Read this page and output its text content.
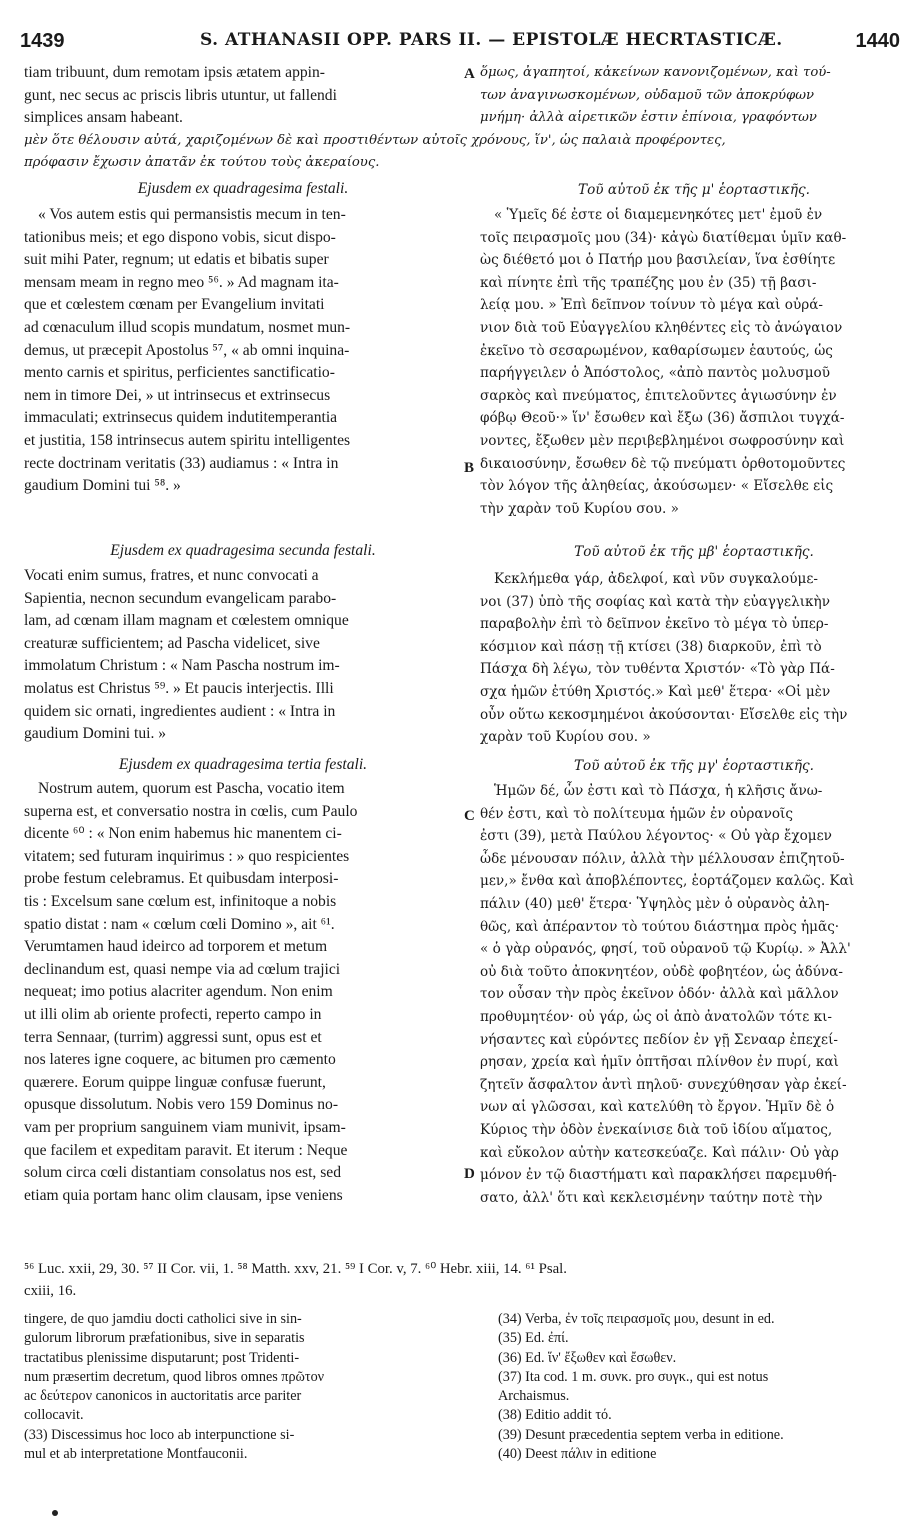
1439	S. ATHANASII OPP. PARS II. — EPISTOLÆ HECRTASTICÆ.	1440

tiam tribuunt, dum remotam ipsis ætatem appin-

gunt, nec secus ac priscis libris utuntur, ut fallendi

simplices ansam habeant.

A ὅμως, ἀγαπητοί, κἀκείνων κανονιζομένων, καὶ τού-

των ἀναγινωσκομένων, οὐδαμοῦ τῶν ἀποκρύφων

μνήμη· ἀλλὰ αἱρετικῶν ἐστιν ἐπίνοια, γραφόντων

μὲν ὅτε θέλουσιν αὐτά, χαριζομένων δὲ καὶ προστιθέντων αὐτοῖς χρόνους, ἵν', ὡς παλαιὰ προφέροντες,

πρόφασιν ἔχωσιν ἀπατᾶν ἐκ τούτου τοὺς ἀκεραίους.

Ejusdem ex quadragesima festali.	Τοῦ αὐτοῦ ἐκ τῆς μ' ἑορταστικῆς.

« Vos autem estis qui permansistis mecum in ten-

tationibus meis; et ego dispono vobis, sicut dispo-

suit mihi Pater, regnum; ut edatis et bibatis super

mensam meam in regno meo ⁵⁶. » Ad magnam ita-

que et cœlestem cœnam per Evangelium invitati

ad cœnaculum illud scopis mundatum, nosmet mun-

demus, ut præcepit Apostolus ⁵⁷, « ab omni inquina-

mento carnis et spiritus, perficientes sanctificatio-

nem in timore Dei, » ut intrinsecus et extrinsecus

immaculati; extrinsecus quidem indutitemperantia

et justitia, 158 intrinsecus autem spiritu intelligentes

recte doctrinam veritatis (33) audiamus : « Intra in

gaudium Domini tui ⁵⁸. »

B

« Ὑμεῖς δέ ἐστε οἱ διαμεμενηκότες μετ' ἐμοῦ ἐν

τοῖς πειρασμοῖς μου (34)· κἀγὼ διατίθεμαι ὑμῖν καθ-

ὼς διέθετό μοι ὁ Πατήρ μου βασιλείαν, ἵνα ἐσθίητε

καὶ πίνητε ἐπὶ τῆς τραπέζης μου ἐν (35) τῇ βασι-

λείᾳ μου. » Ἐπὶ δεῖπνον τοίνυν τὸ μέγα καὶ οὐρά-

νιον διὰ τοῦ Εὐαγγελίου κληθέντες εἰς τὸ ἀνώγαιον

ἐκεῖνο τὸ σεσαρωμένον, καθαρίσωμεν ἑαυτούς, ὡς

παρήγγειλεν ὁ Ἀπόστολος, «ἀπὸ παντὸς μολυσμοῦ

σαρκὸς καὶ πνεύματος, ἐπιτελοῦντες ἁγιωσύνην ἐν

φόβῳ Θεοῦ·» ἵν' ἔσωθεν καὶ ἔξω (36) ἄσπιλοι τυγχά-

νοντες, ἔξωθεν μὲν περιβεβλημένοι σωφροσύνην καὶ

δικαιοσύνην, ἔσωθεν δὲ τῷ πνεύματι ὀρθοτομοῦντες

τὸν λόγον τῆς ἀληθείας, ἀκούσωμεν· « Εἴσελθε εἰς

τὴν χαρὰν τοῦ Κυρίου σου. »

Ejusdem ex quadragesima secunda festali.	Τοῦ αὐτοῦ ἐκ τῆς μβ' ἑορταστικῆς.

Vocati enim sumus, fratres, et nunc convocati a

Sapientia, necnon secundum evangelicam parabo-

lam, ad cœnam illam magnam et cœlestem omnique

creaturæ sufficientem; ad Pascha videlicet, sive

immolatum Christum : « Nam Pascha nostrum im-

molatus est Christus ⁵⁹. » Et paucis interjectis. Illi

quidem sic ornati, ingredientes audient : « Intra in

gaudium Domini tui. »

Κεκλήμεθα γάρ, ἀδελφοί, καὶ νῦν συγκαλούμε-

νοι (37) ὑπὸ τῆς σοφίας καὶ κατὰ τὴν εὐαγγελικὴν

παραβολὴν ἐπὶ τὸ δεῖπνον ἐκεῖνο τὸ μέγα τὸ ὑπερ-

κόσμιον καὶ πάσῃ τῇ κτίσει (38) διαρκοῦν, ἐπὶ τὸ

Πάσχα δὴ λέγω, τὸν τυθέντα Χριστόν· «Τὸ γὰρ Πά-

σχα ἡμῶν ἐτύθη Χριστός.» Καὶ μεθ' ἕτερα· «Οἱ μὲν

οὖν οὕτω κεκοσμημένοι ἀκούσονται· Εἴσελθε εἰς τὴν

χαρὰν τοῦ Κυρίου σου. »

Ejusdem ex quadragesima tertia festali.	Τοῦ αὐτοῦ ἐκ τῆς μγ' ἑορταστικῆς.

Nostrum autem, quorum est Pascha, vocatio item

superna est, et conversatio nostra in cœlis, cum Paulo

dicente ⁶⁰ : « Non enim habemus hic manentem ci-

vitatem; sed futuram inquirimus : » quo respicientes

probe festum celebramus. Et quibusdam interposi-

tis : Excelsum sane cœlum est, infinitoque a nobis

spatio distat : nam « cœlum cœli Domino », ait ⁶¹.

Verumtamen haud ideirco ad torporem et metum

declinandum est, quasi nempe via ad cœlum trajici

nequeat; imo potius alacriter agendum. Non enim

ut illi olim ab oriente profecti, reperto campo in

terra Sennaar, (turrim) aggressi sunt, opus est et

nos lateres igne coquere, ac bitumen pro cæmento

quærere. Eorum quippe linguæ confusæ fuerunt,

opusque dissolutum. Nobis vero 159 Dominus no-

vam per proprium sanguinem viam munivit, ipsam-

que facilem et expeditam paravit. Et iterum : Neque

solum circa cœli distantiam consolatus nos est, sed

etiam quia portam hanc olim clausam, ipse veniens

C
D

Ἡμῶν δέ, ὧν ἐστι καὶ τὸ Πάσχα, ἡ κλῆσις ἄνω-

θέν ἐστι, καὶ τὸ πολίτευμα ἡμῶν ἐν οὐρανοῖς

ἐστι (39), μετὰ Παύλου λέγοντος· « Οὐ γὰρ ἔχομεν

ὧδε μένουσαν πόλιν, ἀλλὰ τὴν μέλλουσαν ἐπιζητοῦ-

μεν,» ἔνθα καὶ ἀποβλέποντες, ἑορτάζομεν καλῶς. Καὶ

πάλιν (40) μεθ' ἕτερα· Ὑψηλὸς μὲν ὁ οὐρανὸς ἀλη-

θῶς, καὶ ἀπέραντον τὸ τούτου διάστημα πρὸς ἡμᾶς·

« ὁ γὰρ οὐρανός, φησί, τοῦ οὐρανοῦ τῷ Κυρίῳ. » Ἀλλ'

οὐ διὰ τοῦτο ἀποκνητέον, οὐδὲ φοβητέον, ὡς ἀδύνα-

τον οὖσαν τὴν πρὸς ἐκεῖνον ὁδόν· ἀλλὰ καὶ μᾶλλον

προθυμητέον· οὐ γάρ, ὡς οἱ ἀπὸ ἀνατολῶν τότε κι-

νήσαντες καὶ εὑρόντες πεδίον ἐν γῇ Σενααρ ἐπεχεί-

ρησαν, χρεία καὶ ἡμῖν ὀπτῆσαι πλίνθον ἐν πυρί, καὶ

ζητεῖν ἄσφαλτον ἀντὶ πηλοῦ· συνεχύθησαν γὰρ ἐκεί-

νων αἱ γλῶσσαι, καὶ κατελύθη τὸ ἔργον. Ἡμῖν δὲ ὁ

Κύριος τὴν ὁδὸν ἐνεκαίνισε διὰ τοῦ ἰδίου αἵματος,

καὶ εὔκολον αὐτὴν κατεσκεύαζε. Καὶ πάλιν· Οὐ γὰρ

μόνον ἐν τῷ διαστήματι καὶ παρακλήσει παρεμυθή-

σατο, ἀλλ' ὅτι καὶ κεκλεισμένην ταύτην ποτὲ τὴν

⁵⁶ Luc. xxii, 29, 30. ⁵⁷ II Cor. vii, 1. ⁵⁸ Matth. xxv, 21. ⁵⁹ I Cor. v, 7. ⁶⁰ Hebr. xiii, 14. ⁶¹ Psal.

cxiii, 16.

tingere, de quo jamdiu docti catholici sive in sin-

gulorum librorum præfationibus, sive in separatis

tractatibus plenissime disputarunt; post Tridenti-

num præsertim decretum, quod libros omnes πρῶτον

ac δεύτερον canonicos in auctoritatis arce pariter

collocavit.

(33) Discessimus hoc loco ab interpunctione si-

mul et ab interpretatione Montfauconii.

(34) Verba, ἐν τοῖς πειρασμοῖς μου, desunt in ed.

(35) Ed. ἐπί.

(36) Ed. ἵν' ἔξωθεν καὶ ἔσωθεν.

(37) Ita cod. 1 m. συνκ. pro συγκ., qui est notus

Archaismus.

(38) Editio addit τό.

(39) Desunt præcedentia septem verba in editione.

(40) Deest πάλιν in editione
